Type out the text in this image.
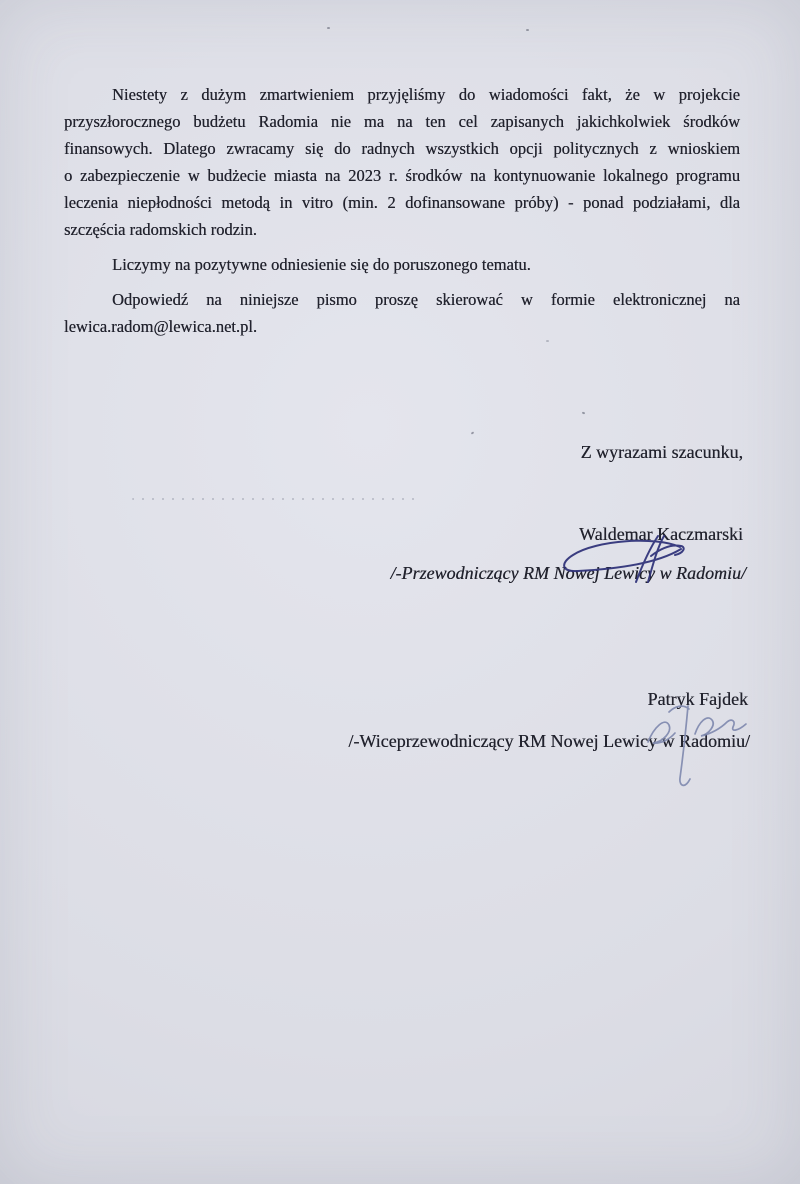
Niestety z dużym zmartwieniem przyjęliśmy do wiadomości fakt, że w projekcie
przyszłorocznego budżetu Radomia nie ma na ten cel zapisanych jakichkolwiek środków
finansowych. Dlatego zwracamy się do radnych wszystkich opcji politycznych z wnioskiem
o zabezpieczenie w budżecie miasta na 2023 r. środków na kontynuowanie lokalnego programu
leczenia niepłodności metodą in vitro (min. 2 dofinansowane próby) - ponad podziałami, dla
szczęścia radomskich rodzin.

Liczymy na pozytywne odniesienie się do poruszonego tematu.

Odpowiedź na niniejsze pismo proszę skierować w formie elektronicznej na
lewica.radom@lewica.net.pl.

Z wyrazami szacunku,
Waldemar Kaczmarski
/-Przewodniczący RM Nowej Lewicy w Radomiu/
Patryk Fajdek
/-Wiceprzewodniczący RM Nowej Lewicy w Radomiu/
